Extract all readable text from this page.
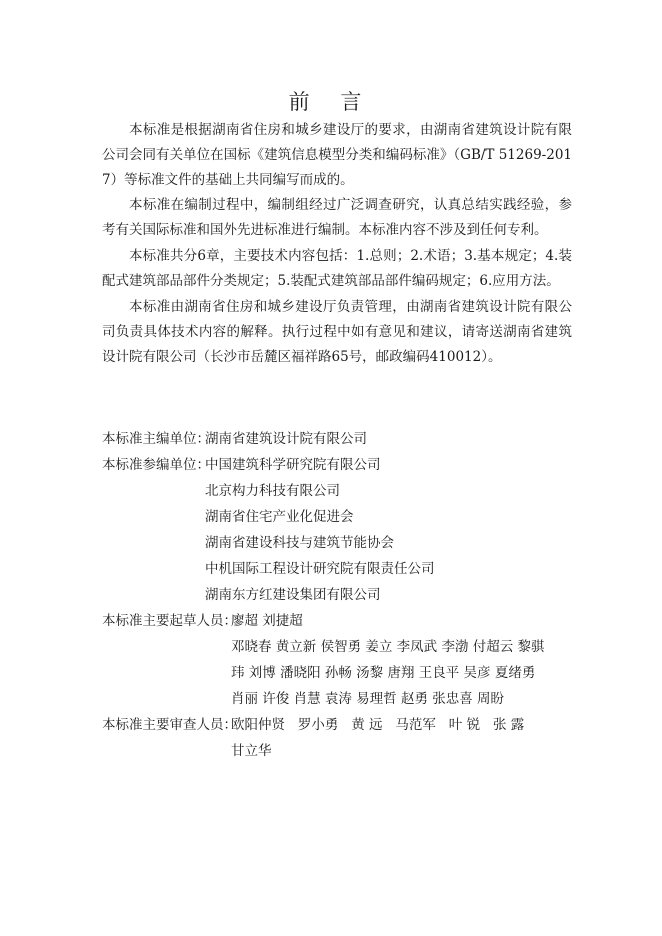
前 言

本标准是根据湖南省住房和城乡建设厅的要求，由湖南省建筑设计院有限公司会同有关单位在国标《建筑信息模型分类和编码标准》（GB/T 51269-2017）等标准文件的基础上共同编写而成的。

本标准在编制过程中，编制组经过广泛调查研究，认真总结实践经验，参考有关国际标准和国外先进标准进行编制。本标准内容不涉及到任何专利。

本标准共分6章，主要技术内容包括：1.总则；2.术语；3.基本规定；4.装配式建筑部品部件分类规定；5.装配式建筑部品部件编码规定；6.应用方法。

本标准由湖南省住房和城乡建设厅负责管理，由湖南省建筑设计院有限公司负责具体技术内容的解释。执行过程中如有意见和建议，请寄送湖南省建筑设计院有限公司（长沙市岳麓区福祥路65号，邮政编码410012）。

本标准主编单位：
湖南省建筑设计院有限公司
本标准参编单位：
中国建筑科学研究院有限公司
北京构力科技有限公司
湖南省住宅产业化促进会
湖南省建设科技与建筑节能协会
中机国际工程设计研究院有限责任公司
湖南东方红建设集团有限公司
本标准主要起草人员：
廖超 刘捷超
邓晓春 黄立新 侯智勇 姜立 李凤武 李渤 付超云 黎骐
玮 刘博 潘晓阳 孙畅 汤黎 唐翔 王良平 吴彦 夏绪勇
肖丽 许俊 肖慧 袁涛 易理哲 赵勇 张忠喜 周盼
本标准主要审查人员：
欧阳仲贤   罗小勇   黄 远   马范军   叶 锐   张 露
甘立华
